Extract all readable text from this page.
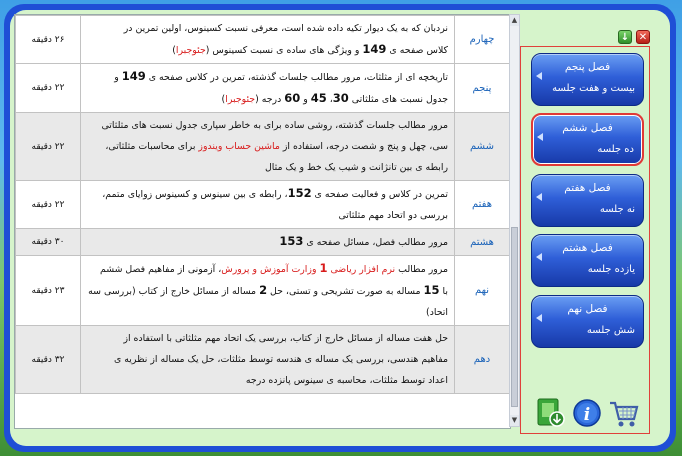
چهارم	نردبان که به یک دیوار تکیه داده شده است، معرفی نسبت کسینوس، اولین تمرین در
کلاس صفحه ی 149 و ویژگی های ساده ی نسبت کسینوس (جئوجبرا)	۲۶ دقیقه
پنجم	تاریخچه ای از مثلثات، مرور مطالب جلسات گذشته، تمرین در کلاس صفحه ی 149 و
جدول نسبت های مثلثاتی 30، 45 و 60 درجه (جئوجبرا)	۲۲ دقیقه
ششم	مرور مطالب جلسات گذشته، روشی ساده برای به خاطر سپاری جدول نسبت های مثلثاتی
سی، چهل و پنج و شصت درجه، استفاده از ماشین حساب ویندوز برای محاسبات مثلثاتی،
رابطه ی بین تانژانت و شیب یک خط و یک مثال	۲۲ دقیقه
هفتم	تمرین در کلاس و فعالیت صفحه ی 152، رابطه ی بین سینوس و کسینوس زوایای متمم،
بررسی دو اتحاد مهم مثلثاتی	۲۲ دقیقه
هشتم	مرور مطالب فصل، مسائل صفحه ی 153	۳۰ دقیقه
نهم	مرور مطالب نرم افزار ریاضی 1 وزارت آموزش و پرورش، آزمونی از مفاهیم فصل ششم
با 15 مساله به صورت تشریحی و تستی، حل 2 مساله از مسائل خارج از کتاب (بررسی سه
اتحاد)	۲۳ دقیقه
دهم	حل هفت مساله از مسائل خارج از کتاب، بررسی یک اتحاد مهم مثلثاتی با استفاده از
مفاهیم هندسی، بررسی یک مساله ی هندسه توسط مثلثات، حل یک مساله از نظریه ی
اعداد توسط مثلثات، محاسبه ی سینوس پانزده درجه	۳۲ دقیقه
▲
▼
↓ ✕
فصل پنجم
بیست و هفت جلسه
فصل ششم
ده جلسه
فصل هفتم
نه جلسه
فصل هشتم
یازده جلسه
فصل نهم
شش جلسه
i
